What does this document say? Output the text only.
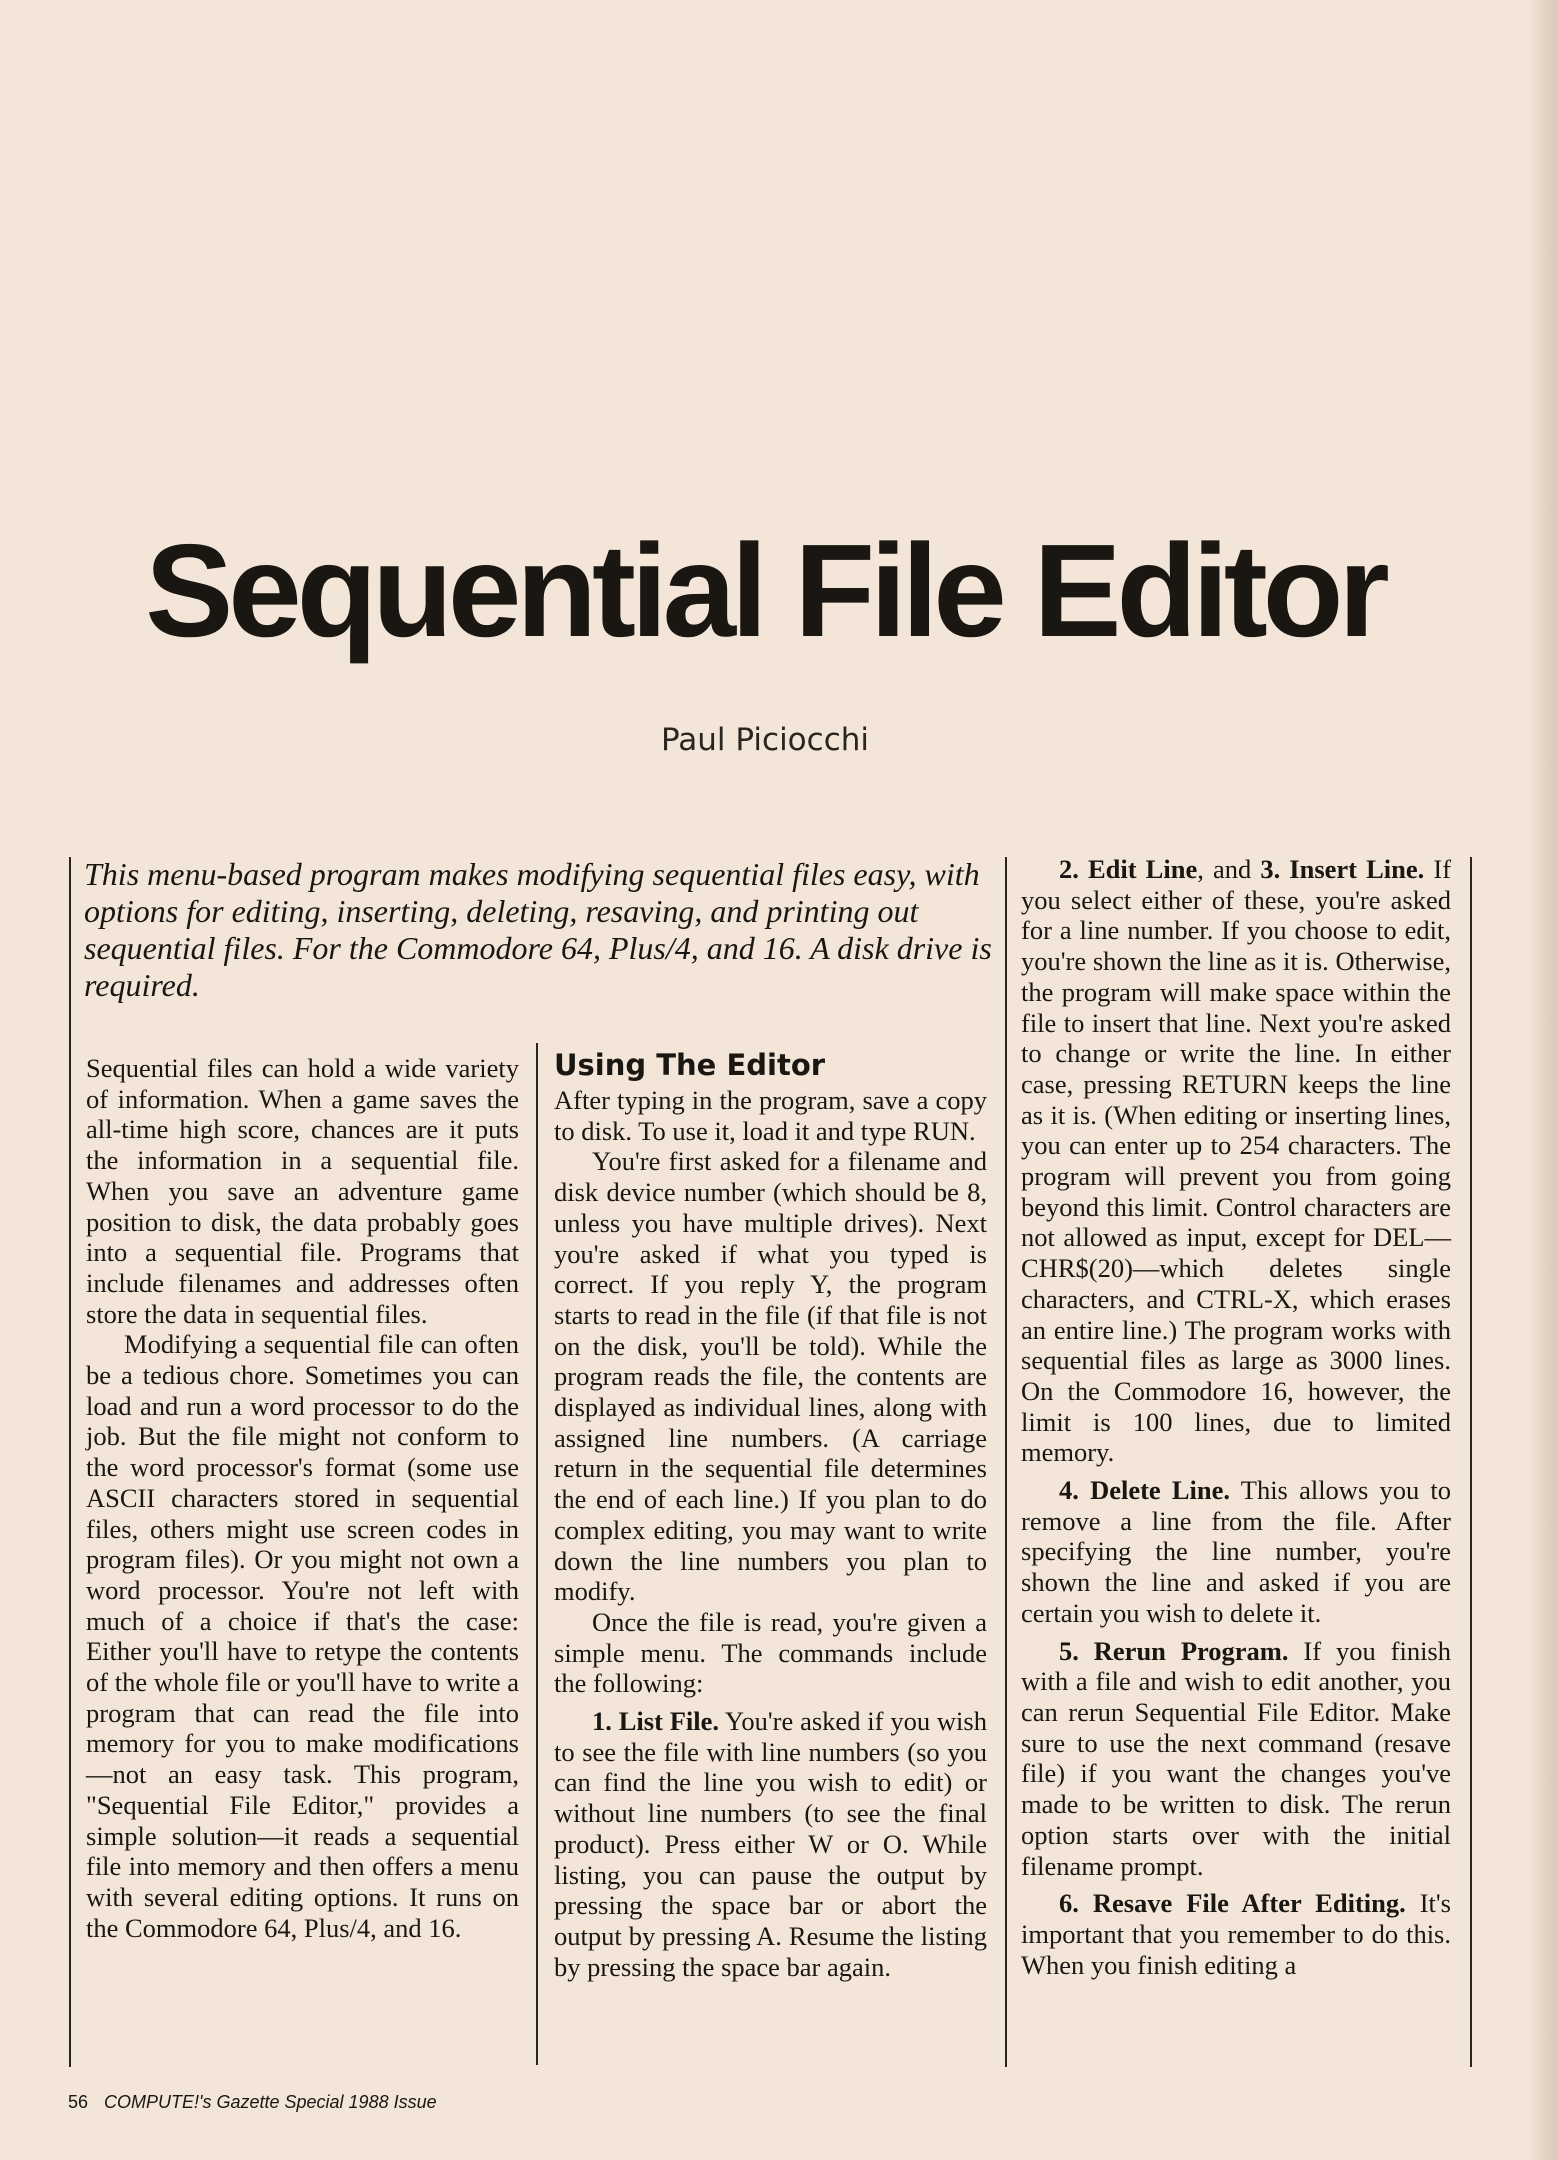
Sequential File Editor
Paul Piciocchi

This menu-based program makes modifying sequential files easy, with options for editing, inserting, deleting, resaving, and printing out sequential files. For the Commodore 64, Plus/4, and 16. A disk drive is required.

Sequential files can hold a wide variety of information. When a game saves the all-time high score, chances are it puts the information in a sequential file. When you save an adventure game position to disk, the data probably goes into a sequential file. Programs that include filenames and addresses often store the data in sequential files.

Modifying a sequential file can often be a tedious chore. Sometimes you can load and run a word processor to do the job. But the file might not conform to the word processor's format (some use ASCII characters stored in sequential files, others might use screen codes in program files). Or you might not own a word processor. You're not left with much of a choice if that's the case: Either you'll have to retype the contents of the whole file or you'll have to write a program that can read the file into memory for you to make modifications—not an easy task. This program, "Sequential File Editor," provides a simple solution—it reads a sequential file into memory and then offers a menu with several editing options. It runs on the Commodore 64, Plus/4, and 16.

Using The Editor

After typing in the program, save a copy to disk. To use it, load it and type RUN.

You're first asked for a filename and disk device number (which should be 8, unless you have multiple drives). Next you're asked if what you typed is correct. If you reply Y, the program starts to read in the file (if that file is not on the disk, you'll be told). While the program reads the file, the contents are displayed as individual lines, along with assigned line numbers. (A carriage return in the sequential file determines the end of each line.) If you plan to do complex editing, you may want to write down the line numbers you plan to modify.

Once the file is read, you're given a simple menu. The commands include the following:

1. List File. You're asked if you wish to see the file with line numbers (so you can find the line you wish to edit) or without line numbers (to see the final product). Press either W or O. While listing, you can pause the output by pressing the space bar or abort the output by pressing A. Resume the listing by pressing the space bar again.

2. Edit Line, and 3. Insert Line. If you select either of these, you're asked for a line number. If you choose to edit, you're shown the line as it is. Otherwise, the program will make space within the file to insert that line. Next you're asked to change or write the line. In either case, pressing RETURN keeps the line as it is. (When editing or inserting lines, you can enter up to 254 characters. The program will prevent you from going beyond this limit. Control characters are not allowed as input, except for DEL—CHR$(20)—which deletes single characters, and CTRL-X, which erases an entire line.) The program works with sequential files as large as 3000 lines. On the Commodore 16, however, the limit is 100 lines, due to limited memory.

4. Delete Line. This allows you to remove a line from the file. After specifying the line number, you're shown the line and asked if you are certain you wish to delete it.

5. Rerun Program. If you finish with a file and wish to edit another, you can rerun Sequential File Editor. Make sure to use the next command (resave file) if you want the changes you've made to be written to disk. The rerun option starts over with the initial filename prompt.

6. Resave File After Editing. It's important that you remember to do this. When you finish editing a

56 COMPUTE!'s Gazette Special 1988 Issue
